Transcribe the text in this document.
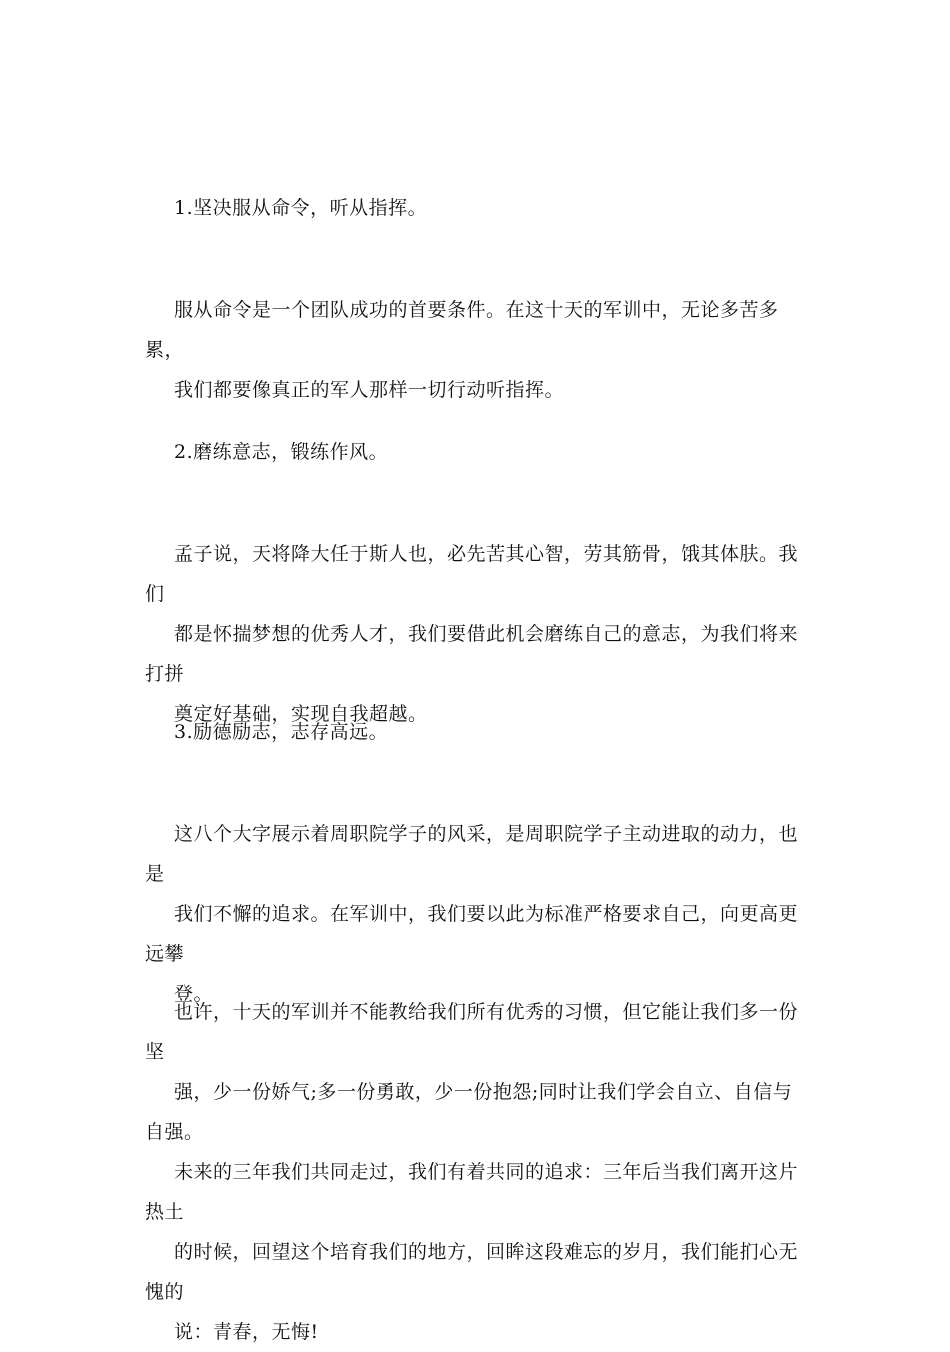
1.坚决服从命令，听从指挥。

服从命令是一个团队成功的首要条件。在这十天的军训中，无论多苦多累，
我们都要像真正的军人那样一切行动听指挥。

2.磨练意志，锻练作风。

孟子说，天将降大任于斯人也，必先苦其心智，劳其筋骨，饿其体肤。我们
都是怀揣梦想的优秀人才，我们要借此机会磨练自己的意志，为我们将来打拼
奠定好基础，实现自我超越。

3.励德励志，志存高远。

这八个大字展示着周职院学子的风采，是周职院学子主动进取的动力，也是
我们不懈的追求。在军训中，我们要以此为标准严格要求自己，向更高更远攀
登。

也许，十天的军训并不能教给我们所有优秀的习惯，但它能让我们多一份坚
强，少一份娇气;多一份勇敢，少一份抱怨;同时让我们学会自立、自信与自强。
未来的三年我们共同走过，我们有着共同的追求：三年后当我们离开这片热土
的时候，回望这个培育我们的地方，回眸这段难忘的岁月，我们能扪心无愧的
说：青春，无悔!
